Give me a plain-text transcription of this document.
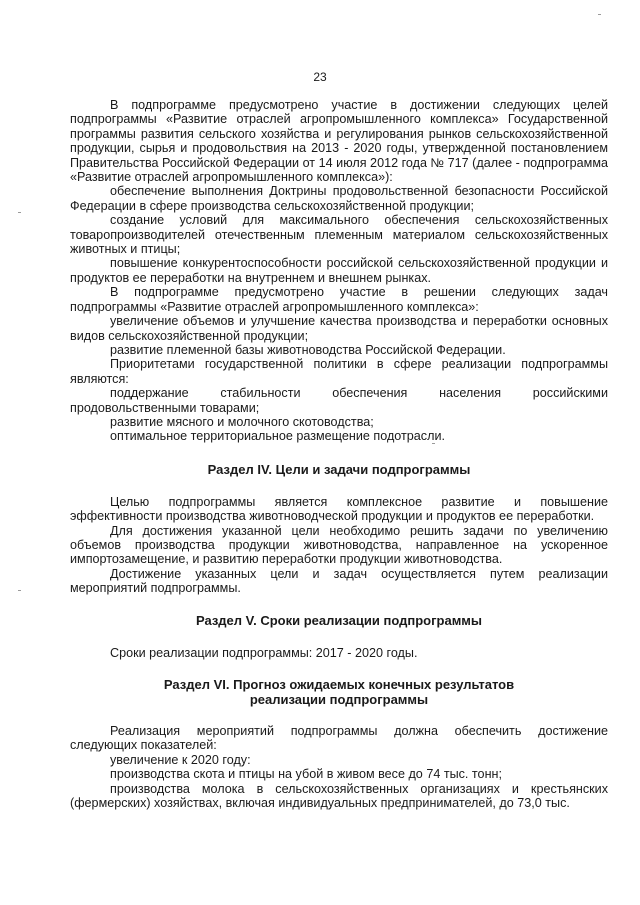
23

В подпрограмме предусмотрено участие в достижении следующих целей подпрограммы «Развитие отраслей агропромышленного комплекса» Государственной программы развития сельского хозяйства и регулирования рынков сельскохозяйственной продукции, сырья и продовольствия на 2013 - 2020 годы, утвержденной постановлением Правительства Российской Федерации от 14 июля 2012 года № 717 (далее - подпрограмма «Развитие отраслей агропромышленного комплекса»):

обеспечение выполнения Доктрины продовольственной безопасности Российской Федерации в сфере производства сельскохозяйственной продукции;

создание условий для максимального обеспечения сельскохозяйственных товаропроизводителей отечественным племенным материалом сельскохозяйственных животных и птицы;

повышение конкурентоспособности российской сельскохозяйственной продукции и продуктов ее переработки на внутреннем и внешнем рынках.

В подпрограмме предусмотрено участие в решении следующих задач подпрограммы «Развитие отраслей агропромышленного комплекса»:

увеличение объемов и улучшение качества производства и переработки основных видов сельскохозяйственной продукции;

развитие племенной базы животноводства Российской Федерации.

Приоритетами государственной политики в сфере реализации подпрограммы являются:

поддержание стабильности обеспечения населения российскими продовольственными товарами;

развитие мясного и молочного скотоводства;

оптимальное территориальное размещение подотрасли.

Раздел IV. Цели и задачи подпрограммы

Целью подпрограммы является комплексное развитие и повышение эффективности производства животноводческой продукции и продуктов ее переработки.

Для достижения указанной цели необходимо решить задачи по увеличению объемов производства продукции животноводства, направленное на ускоренное импортозамещение, и развитию переработки продукции животноводства.

Достижение указанных цели и задач осуществляется путем реализации мероприятий подпрограммы.

Раздел V. Сроки реализации подпрограммы

Сроки реализации подпрограммы: 2017 - 2020 годы.

Раздел VI. Прогноз ожидаемых конечных результатов

реализации подпрограммы

Реализация мероприятий подпрограммы должна обеспечить достижение следующих показателей:

увеличение к 2020 году:

производства скота и птицы на убой в живом весе до 74 тыс. тонн;

производства молока в сельскохозяйственных организациях и крестьянских (фермерских) хозяйствах, включая индивидуальных предпринимателей, до 73,0 тыс.
